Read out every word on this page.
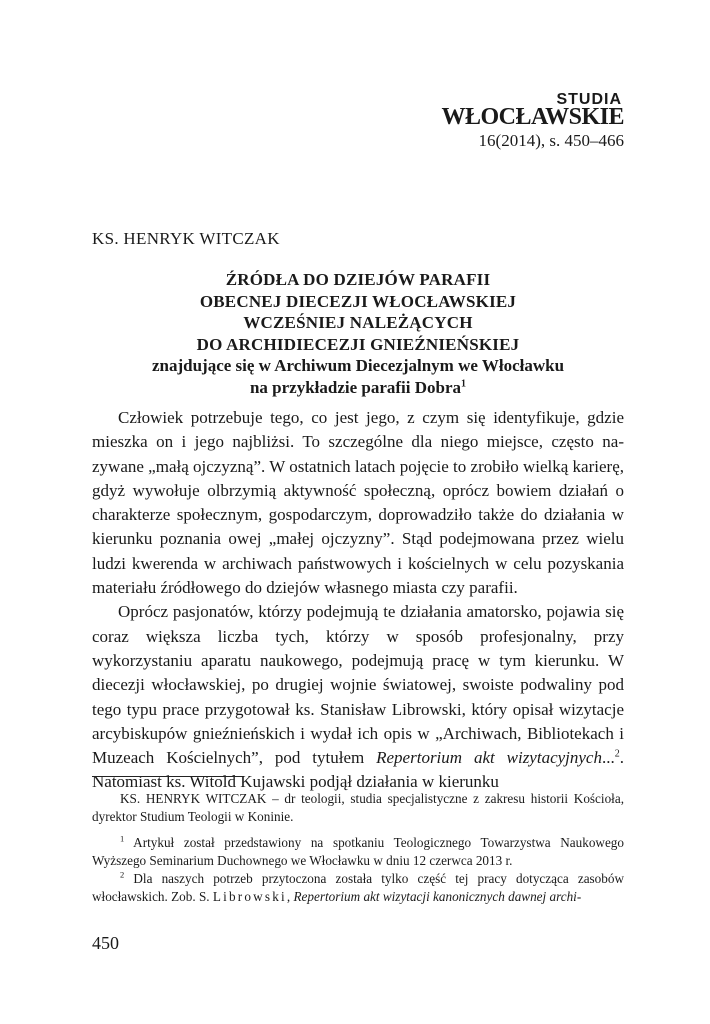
STUDIA
WŁOCŁAWSKIE
16(2014), s. 450–466
KS. HENRYK WITCZAK
ŹRÓDŁA DO DZIEJÓW PARAFII
OBECNEJ DIECEZJI WŁOCŁAWSKIEJ
WCZEŚNIEJ NALEŻĄCYCH
DO ARCHIDIECEZJI GNIEŹNIEŃSKIEJ
znajdujące się w Archiwum Diecezjalnym we Włocławku
na przykładzie parafii Dobra$^1$

Człowiek potrzebuje tego, co jest jego, z czym się identyfikuje, gdzie mieszka on i jego najbliżsi. To szczególne dla niego miejsce, często nazywane „małą ojczyzną”. W ostatnich latach pojęcie to zrobiło wielką karierę, gdyż wywołuje olbrzymią aktywność społeczną, oprócz bowiem działań o charakterze społecznym, gospodarczym, doprowadziło także do działania w kierunku poznania owej „małej ojczyzny”. Stąd podejmowana przez wielu ludzi kwerenda w archiwach państwowych i kościelnych w celu pozyskania materiału źródłowego do dziejów własnego miasta czy parafii.

Oprócz pasjonatów, którzy podejmują te działania amatorsko, pojawia się coraz większa liczba tych, którzy w sposób profesjonalny, przy wykorzystaniu aparatu naukowego, podejmują pracę w tym kierunku. W diecezji włocławskiej, po drugiej wojnie światowej, swoiste podwaliny pod tego typu prace przygotował ks. Stanisław Librowski, który opisał wizytacje arcybiskupów gnieźnieńskich i wydał ich opis w „Archiwach, Bibliotekach i Muzeach Kościelnych”, pod tytułem Repertorium akt wizytacyjnych...$^2$. Natomiast ks. Witold Kujawski podjął działania w kierunku

KS. HENRYK WITCZAK – dr teologii, studia specjalistyczne z zakresu historii Kościoła, dyrektor Studium Teologii w Koninie.

$^1$ Artykuł został przedstawiony na spotkaniu Teologicznego Towarzystwa Naukowego Wyższego Seminarium Duchownego we Włocławku w dniu 12 czerwca 2013 r.

$^2$ Dla naszych potrzeb przytoczona została tylko część tej pracy dotycząca zasobów włocławskich. Zob. S. Librowski, Repertorium akt wizytacji kanonicznych dawnej archi-

450
